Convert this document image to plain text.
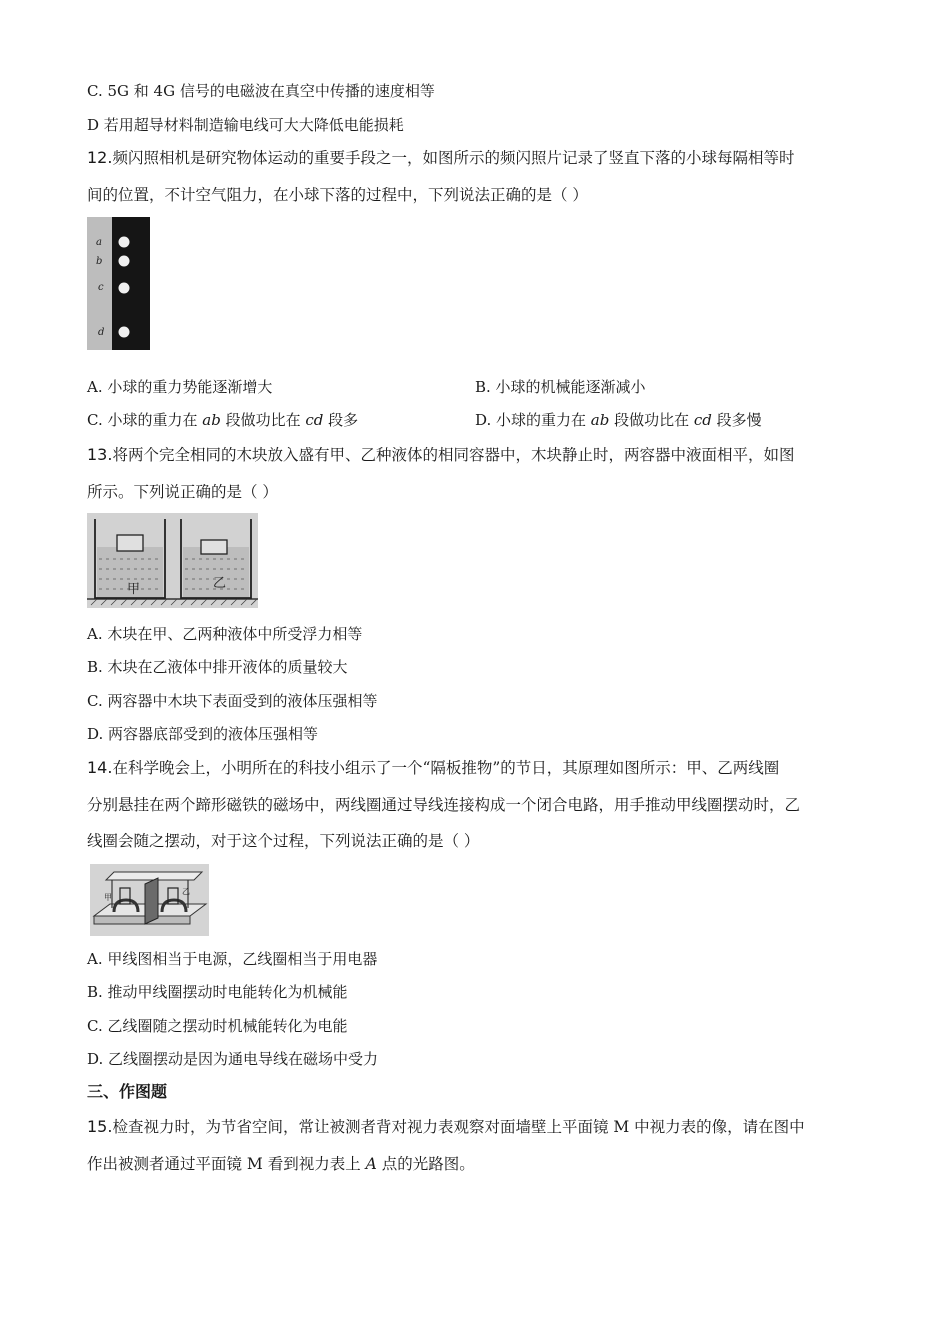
C. 5G 和 4G 信号的电磁波在真空中传播的速度相等
D 若用超导材料制造输电线可大大降低电能损耗
12.频闪照相机是研究物体运动的重要手段之一，如图所示的频闪照片记录了竖直下落的小球每隔相等时
间的位置，不计空气阻力，在小球下落的过程中，下列说法正确的是（ ）
a
b
c
d
A. 小球的重力势能逐渐增大	B. 小球的机械能逐渐减小
C. 小球的重力在 ab 段做功比在 cd 段多	D. 小球的重力在 ab 段做功比在 cd 段多慢
13.将两个完全相同的木块放入盛有甲、乙种液体的相同容器中，木块静止时，两容器中液面相平，如图
所示。下列说正确的是（ ）
甲	乙
A. 木块在甲、乙两种液体中所受浮力相等
B. 木块在乙液体中排开液体的质量较大
C. 两容器中木块下表面受到的液体压强相等
D. 两容器底部受到的液体压强相等
14.在科学晚会上，小明所在的科技小组示了一个“隔板推物”的节日，其原理如图所示：甲、乙两线圈
分别悬挂在两个蹄形磁铁的磁场中，两线圈通过导线连接构成一个闭合电路，用手推动甲线圈摆动时，乙
线圈会随之摆动，对于这个过程，下列说法正确的是（ ）
甲
乙
A. 甲线图相当于电源，乙线圈相当于用电器
B. 推动甲线圈摆动时电能转化为机械能
C. 乙线圈随之摆动时机械能转化为电能
D. 乙线圈摆动是因为通电导线在磁场中受力
三、作图题
15.检查视力时，为节省空间，常让被测者背对视力表观察对面墙壁上平面镜 M 中视力表的像，请在图中
作出被测者通过平面镜 M 看到视力表上 A 点的光路图。
